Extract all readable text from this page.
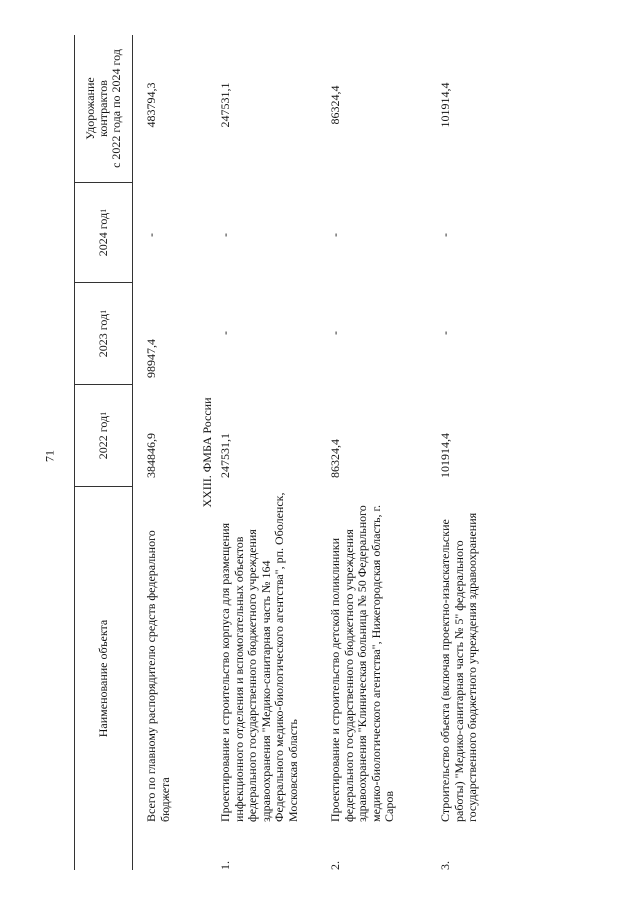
71
Наименование объекта
2022 год
1
2023 год
1
2024 год
1
Удорожание контрактов с 2022 года по 2024 год
Всего по главному распорядителю средств федерального бюджета
384846,9
98947,4
-
483794,3
XXIII. ФМБА России
1.
Проектирование и строительство корпуса для размещения инфекционного отделения и вспомогательных объектов федерального государственного бюджетного учреждения здравоохранения "Медико-санитарная часть № 164 Федерального медико-биологического агентства", рп. Оболенск, Московская область
247531,1
-
-
247531,1
2.
Проектирование и строительство детской поликлиники федерального государственного бюджетного учреждения здравоохранения "Клиническая больница № 50 Федерального медико-биологического агентства", Нижегородская область, г. Саров
86324,4
-
-
86324,4
3.
Строительство объекта (включая проектно-изыскательские работы) "Медико-санитарная часть № 5" федерального государственного бюджетного учреждения здравоохранения
101914,4
-
-
101914,4
